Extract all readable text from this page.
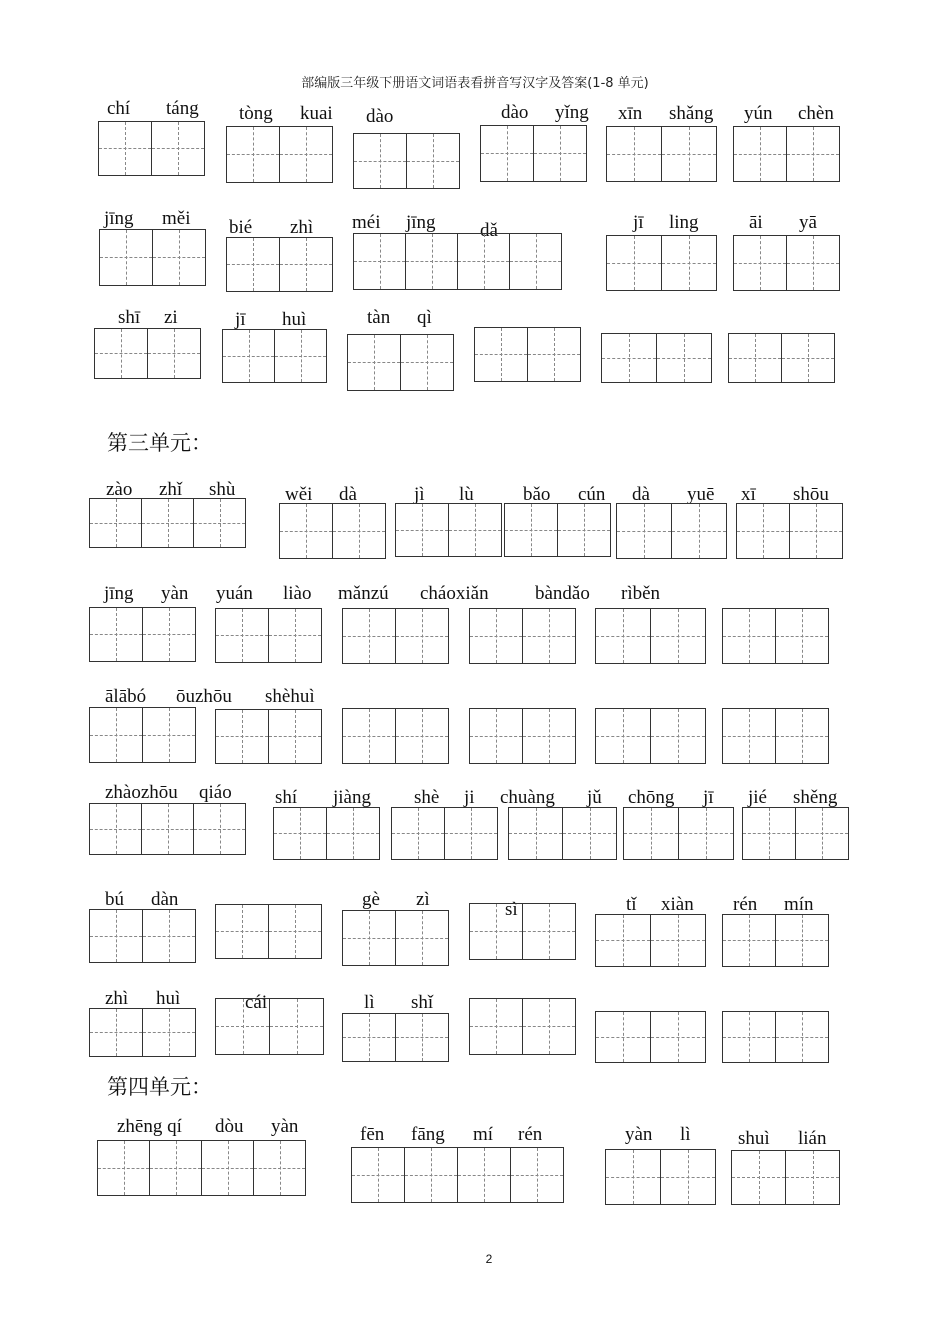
部编版三年级下册语文词语表看拼音写汉字及答案(1-8 单元)
第三单元：
第四单元：
2
chí táng tòng kuai dào	dào yǐng xīn shǎng yún chèn
jīng měi bié zhì méi jīng dǎ	jī ling	āi yā
shī zi	jī huì	tàn qì
zào zhǐ shù	wěi dà	jì lù	bǎo cún dà yuē xī shōu
jīng yàn yuán liào mǎnzú cháoxiǎn bàndǎo rìběn
ālābó ōuzhōu shèhuì
zhàozhōu qiáo shí jiàng shè ji chuàng jǔ chōng jī jié shěng
bú dàn	gè zì	sì	tǐ xiàn rén mín
zhì huì	cái	lì shǐ
zhēng qí dòu yàn	fēn fāng mí rén	yàn lì shuì lián
